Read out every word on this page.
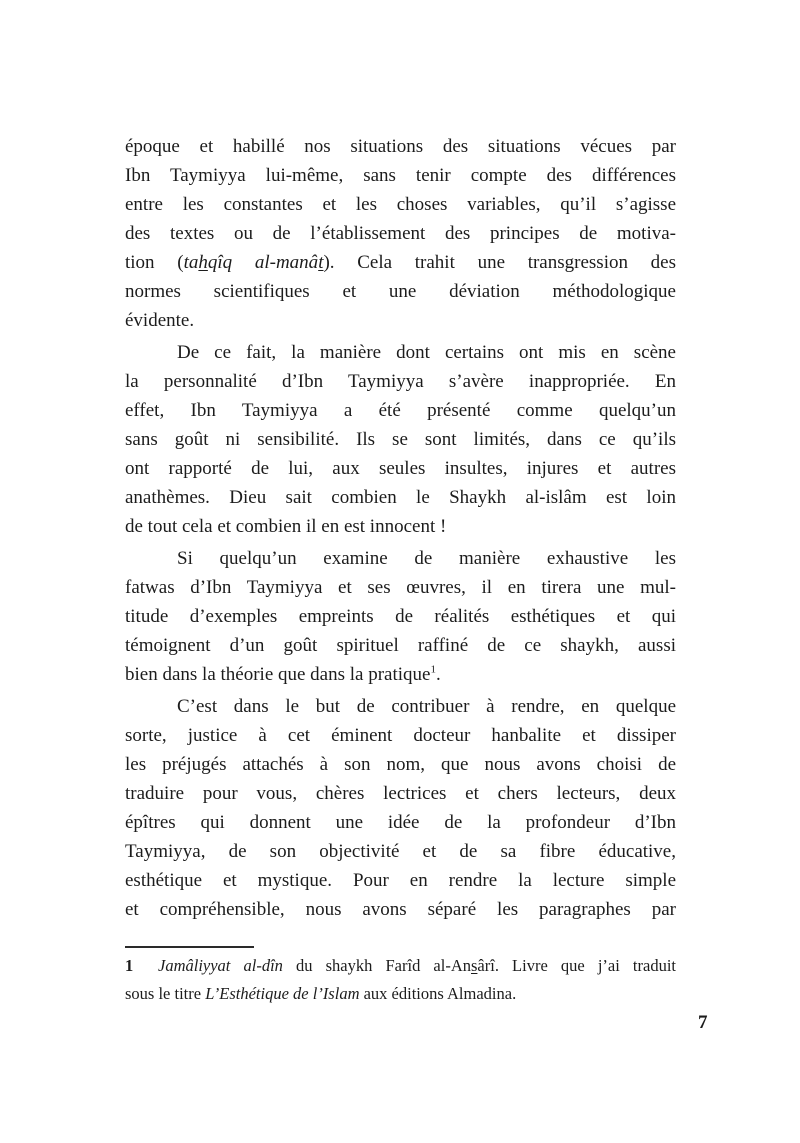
époque et habillé nos situations des situations vécues par
Ibn Taymiyya lui-même, sans tenir compte des différences
entre les constantes et les choses variables, qu’il s’agisse
des textes ou de l’établissement des principes de motiva-
tion (tahqîq al-manât). Cela trahit une transgression des
normes scientifiques et une déviation méthodologique
évidente.
De ce fait, la manière dont certains ont mis en scène
la personnalité d’Ibn Taymiyya s’avère inappropriée. En
effet, Ibn Taymiyya a été présenté comme quelqu’un
sans goût ni sensibilité. Ils se sont limités, dans ce qu’ils
ont rapporté de lui, aux seules insultes, injures et autres
anathèmes. Dieu sait combien le Shaykh al-islâm est loin
de tout cela et combien il en est innocent !
Si quelqu’un examine de manière exhaustive les
fatwas d’Ibn Taymiyya et ses œuvres, il en tirera une mul-
titude d’exemples empreints de réalités esthétiques et qui
témoignent d’un goût spirituel raffiné de ce shaykh, aussi
bien dans la théorie que dans la pratique$^1$.
C’est dans le but de contribuer à rendre, en quelque
sorte, justice à cet éminent docteur hanbalite et dissiper
les préjugés attachés à son nom, que nous avons choisi de
traduire pour vous, chères lectrices et chers lecteurs, deux
épîtres qui donnent une idée de la profondeur d’Ibn
Taymiyya, de son objectivité et de sa fibre éducative,
esthétique et mystique. Pour en rendre la lecture simple
et compréhensible, nous avons séparé les paragraphes par
1 Jamâliyyat al-dîn du shaykh Farîd al-Ansârî. Livre que j’ai traduit
sous le titre L’Esthétique de l’Islam aux éditions Almadina.
7
